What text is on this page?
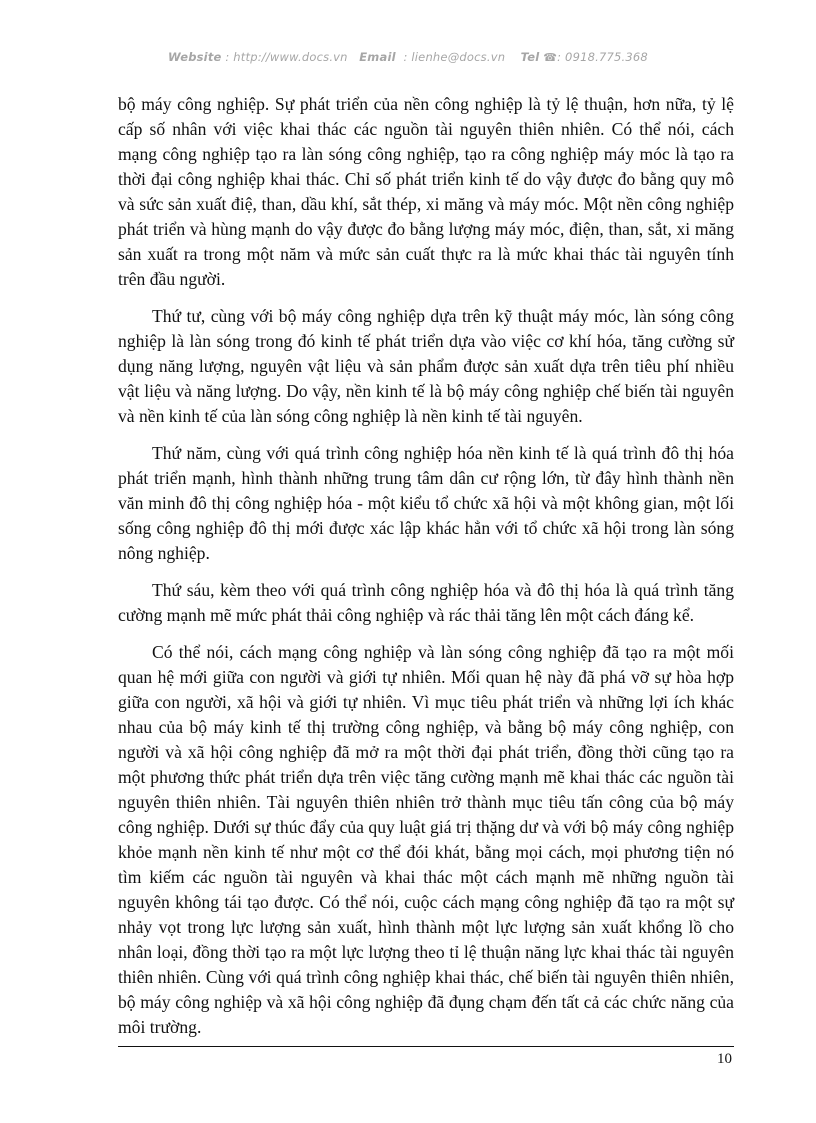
Website : http://www.docs.vn Email : lienhe@docs.vn Tel ☎: 0918.775.368

bộ máy công nghiệp. Sự phát triển của nền công nghiệp là tỷ lệ thuận, hơn nữa, tỷ lệ cấp số nhân với việc khai thác các nguồn tài nguyên thiên nhiên. Có thể nói, cách mạng công nghiệp tạo ra làn sóng công nghiệp, tạo ra công nghiệp máy móc là tạo ra thời đại công nghiệp khai thác. Chỉ số phát triển kinh tế do vậy được đo bằng quy mô và sức sản xuất điệ, than, dầu khí, sắt thép, xi măng và máy móc. Một nền công nghiệp phát triển và hùng mạnh do vậy được đo bằng lượng máy móc, điện, than, sắt, xi măng sản xuất ra trong một năm và mức sản cuất thực ra là mức khai thác tài nguyên tính trên đầu người.

Thứ tư, cùng với bộ máy công nghiệp dựa trên kỹ thuật máy móc, làn sóng công nghiệp là làn sóng trong đó kinh tế phát triển dựa vào việc cơ khí hóa, tăng cường sử dụng năng lượng, nguyên vật liệu và sản phẩm được sản xuất dựa trên tiêu phí nhiều vật liệu và năng lượng. Do vậy, nền kinh tế là bộ máy công nghiệp chế biến tài nguyên và nền kinh tế của làn sóng công nghiệp là nền kinh tế tài nguyên.

Thứ năm, cùng với quá trình công nghiệp hóa nền kinh tế là quá trình đô thị hóa phát triển mạnh, hình thành những trung tâm dân cư rộng lớn, từ đây hình thành nền văn minh đô thị công nghiệp hóa - một kiểu tổ chức xã hội và một không gian, một lối sống công nghiệp đô thị mới được xác lập khác hẳn với tổ chức xã hội trong làn sóng nông nghiệp.

Thứ sáu, kèm theo với quá trình công nghiệp hóa và đô thị hóa là quá trình tăng cường mạnh mẽ mức phát thải công nghiệp và rác thải tăng lên một cách đáng kể.

Có thể nói, cách mạng công nghiệp và làn sóng công nghiệp đã tạo ra một mối quan hệ mới giữa con người và giới tự nhiên. Mối quan hệ này đã phá vỡ sự hòa hợp giữa con người, xã hội và giới tự nhiên. Vì mục tiêu phát triển và những lợi ích khác nhau của bộ máy kinh tế thị trường công nghiệp, và bằng bộ máy công nghiệp, con người và xã hội công nghiệp đã mở ra một thời đại phát triển, đồng thời cũng tạo ra một phương thức phát triển dựa trên việc tăng cường mạnh mẽ khai thác các nguồn tài nguyên thiên nhiên. Tài nguyên thiên nhiên trở thành mục tiêu tấn công của bộ máy công nghiệp. Dưới sự thúc đẩy của quy luật giá trị thặng dư và với bộ máy công nghiệp khỏe mạnh nền kinh tế như một cơ thể đói khát, bằng mọi cách, mọi phương tiện nó tìm kiếm các nguồn tài nguyên và khai thác một cách mạnh mẽ những nguồn tài nguyên không tái tạo được. Có thể nói, cuộc cách mạng công nghiệp đã tạo ra một sự nhảy vọt trong lực lượng sản xuất, hình thành một lực lượng sản xuất khổng lồ cho nhân loại, đồng thời tạo ra một lực lượng theo tỉ lệ thuận năng lực khai thác tài nguyên thiên nhiên. Cùng với quá trình công nghiệp khai thác, chế biến tài nguyên thiên nhiên, bộ máy công nghiệp và xã hội công nghiệp đã đụng chạm đến tất cả các chức năng của môi trường.

10
